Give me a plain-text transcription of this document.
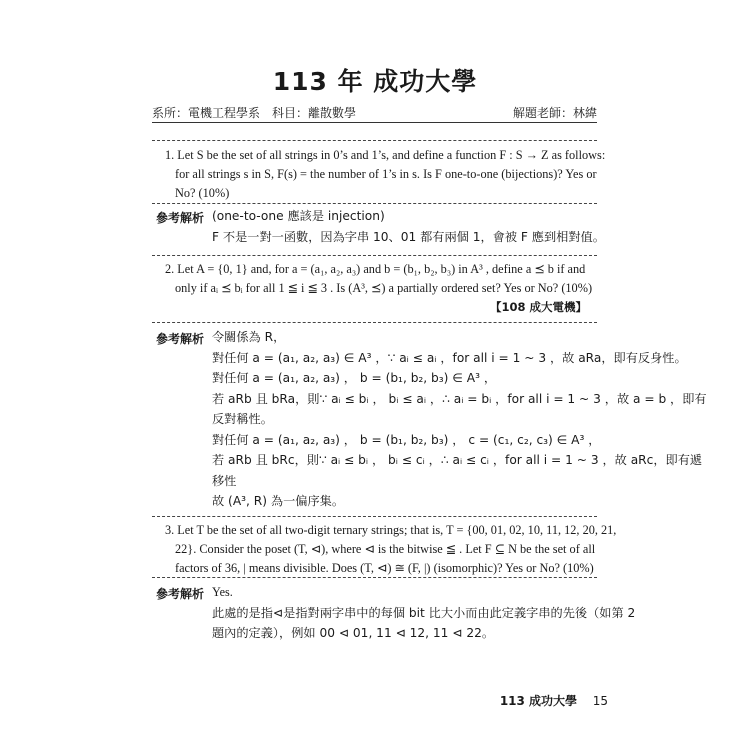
113 年 成功大學
系所：電機工程學系　科目：離散數學	解題老師：林緯
1. Let S be the set of all strings in 0’s and 1’s, and define a function F : S → Z as follows:
for all strings s in S, F(s) = the number of 1’s in s. Is F one-to-one (bijections)? Yes or
No? (10%)
參考解析 (one-to-one 應該是 injection)
F 不是一對一函數，因為字串 10、01 都有兩個 1，會被 F 應到相對值。
2. Let A = {0, 1} and, for a = (a₁, a₂, a₃) and b = (b₁, b₂, b₃) in A³ , define a ⪯ b if and
only if aᵢ ⪯ bᵢ for all 1 ≦ i ≦ 3 . Is (A³, ⪯) a partially ordered set? Yes or No? (10%)
【108 成大電機】
參考解析 令關係為 R，
對任何 a = (a₁, a₂, a₃) ∈ A³ ，∵ aᵢ ≤ aᵢ ，for all i = 1 ~ 3 ，故 aRa，即有反身性。
對任何 a = (a₁, a₂, a₃) ， b = (b₁, b₂, b₃) ∈ A³ ，
若 aRb 且 bRa，則∵ aᵢ ≤ bᵢ ， bᵢ ≤ aᵢ ，∴ aᵢ = bᵢ ，for all i = 1 ~ 3 ，故 a = b ，即有
反對稱性。
對任何 a = (a₁, a₂, a₃) ， b = (b₁, b₂, b₃) ， c = (c₁, c₂, c₃) ∈ A³ ，
若 aRb 且 bRc，則∵ aᵢ ≤ bᵢ ， bᵢ ≤ cᵢ ，∴ aᵢ ≤ cᵢ ，for all i = 1 ~ 3 ，故 aRc，即有遞
移性
故 (A³, R) 為一偏序集。
3. Let T be the set of all two-digit ternary strings; that is, T = {00, 01, 02, 10, 11, 12, 20, 21,
22}. Consider the poset (T, ⊲), where ⊲ is the bitwise ≦ . Let F ⊆ N be the set of all
factors of 36, | means divisible. Does (T, ⊲) ≅ (F, |) (isomorphic)? Yes or No? (10%)
參考解析 Yes.
此處的是指⊲是指對兩字串中的每個 bit 比大小而由此定義字串的先後（如第 2
題內的定義），例如 00 ⊲ 01, 11 ⊲ 12, 11 ⊲ 22。
113 成功大學 15
